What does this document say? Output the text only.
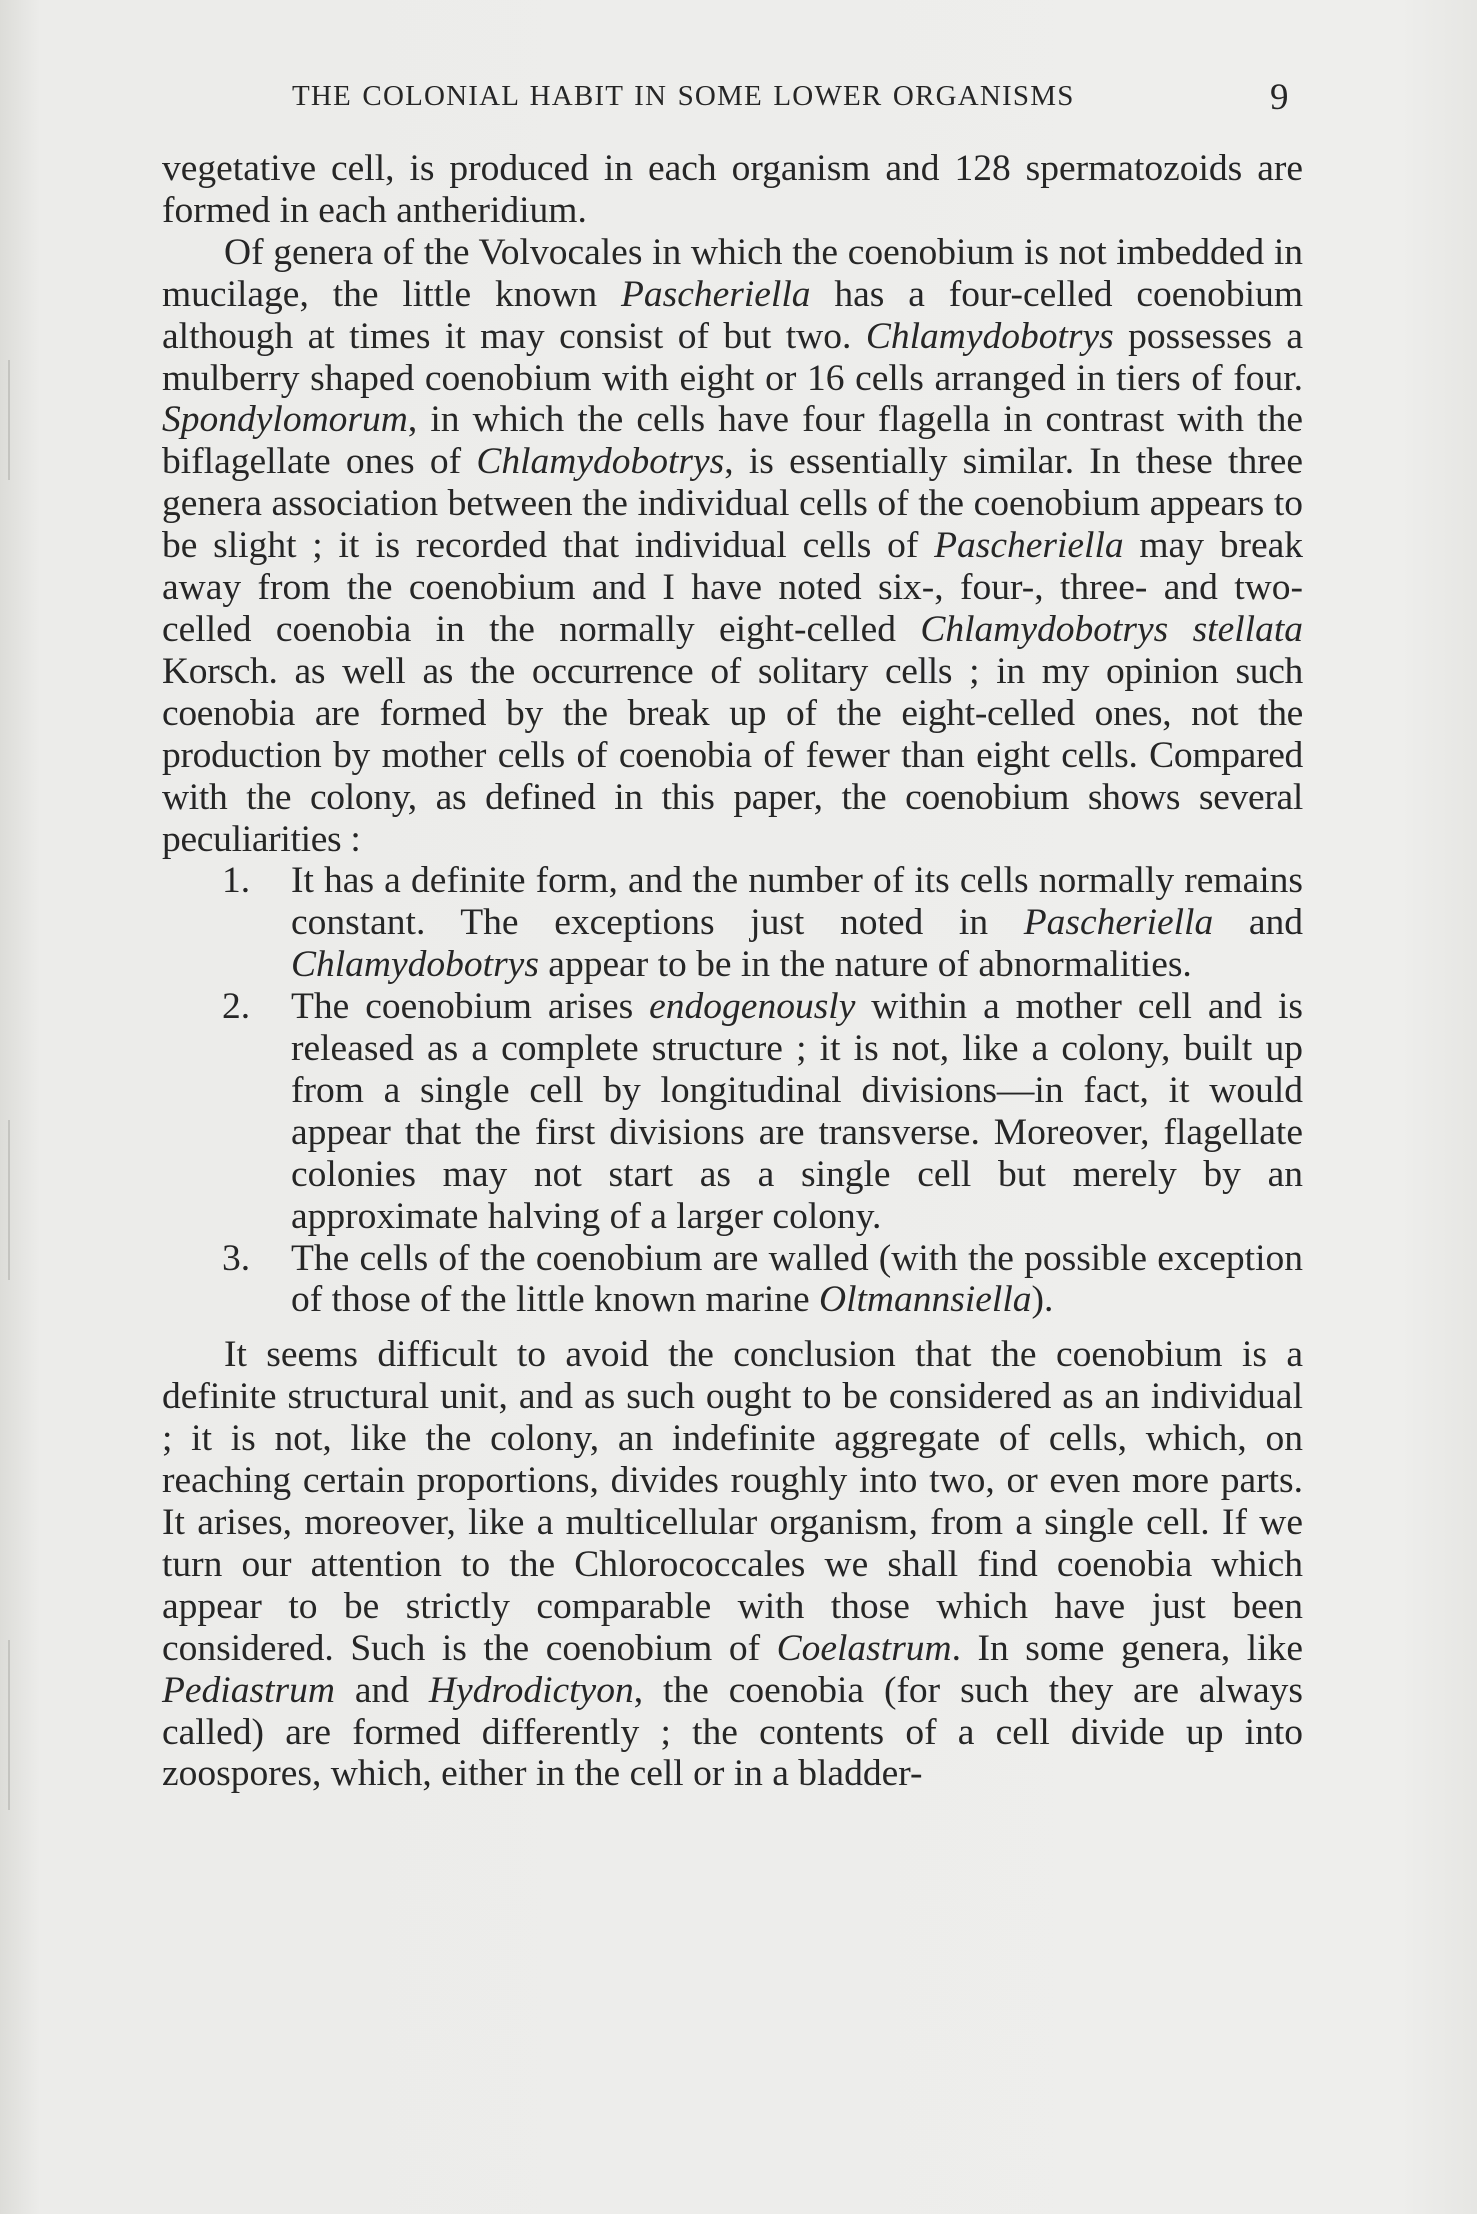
THE COLONIAL HABIT IN SOME LOWER ORGANISMS	9

vegetative cell, is produced in each organism and 128 spermatozoids are formed in each antheridium.

Of genera of the Volvocales in which the coenobium is not imbedded in mucilage, the little known Pascheriella has a four-celled coenobium although at times it may consist of but two. Chlamydobotrys possesses a mulberry shaped coenobium with eight or 16 cells arranged in tiers of four. Spondylomorum, in which the cells have four flagella in contrast with the biflagellate ones of Chlamydobotrys, is essentially similar. In these three genera association between the individual cells of the coenobium appears to be slight ; it is recorded that individual cells of Pascheriella may break away from the coenobium and I have noted six-, four-, three- and two-celled coenobia in the normally eight-celled Chlamydobotrys stellata Korsch. as well as the occurrence of solitary cells ; in my opinion such coenobia are formed by the break up of the eight-celled ones, not the production by mother cells of coenobia of fewer than eight cells. Compared with the colony, as defined in this paper, the coenobium shows several peculiarities :

1. It has a definite form, and the number of its cells normally remains constant. The exceptions just noted in Pascheriella and Chlamydobotrys appear to be in the nature of abnormalities.
2. The coenobium arises endogenously within a mother cell and is released as a complete structure ; it is not, like a colony, built up from a single cell by longitudinal divisions—in fact, it would appear that the first divisions are transverse. Moreover, flagellate colonies may not start as a single cell but merely by an approximate halving of a larger colony.
3. The cells of the coenobium are walled (with the possible exception of those of the little known marine Oltmannsiella).

It seems difficult to avoid the conclusion that the coenobium is a definite structural unit, and as such ought to be considered as an individual ; it is not, like the colony, an indefinite aggregate of cells, which, on reaching certain proportions, divides roughly into two, or even more parts. It arises, moreover, like a multicellular organism, from a single cell. If we turn our attention to the Chlorococcales we shall find coenobia which appear to be strictly comparable with those which have just been considered. Such is the coenobium of Coelastrum. In some genera, like Pediastrum and Hydrodictyon, the coenobia (for such they are always called) are formed differently ; the contents of a cell divide up into zoospores, which, either in the cell or in a bladder-
